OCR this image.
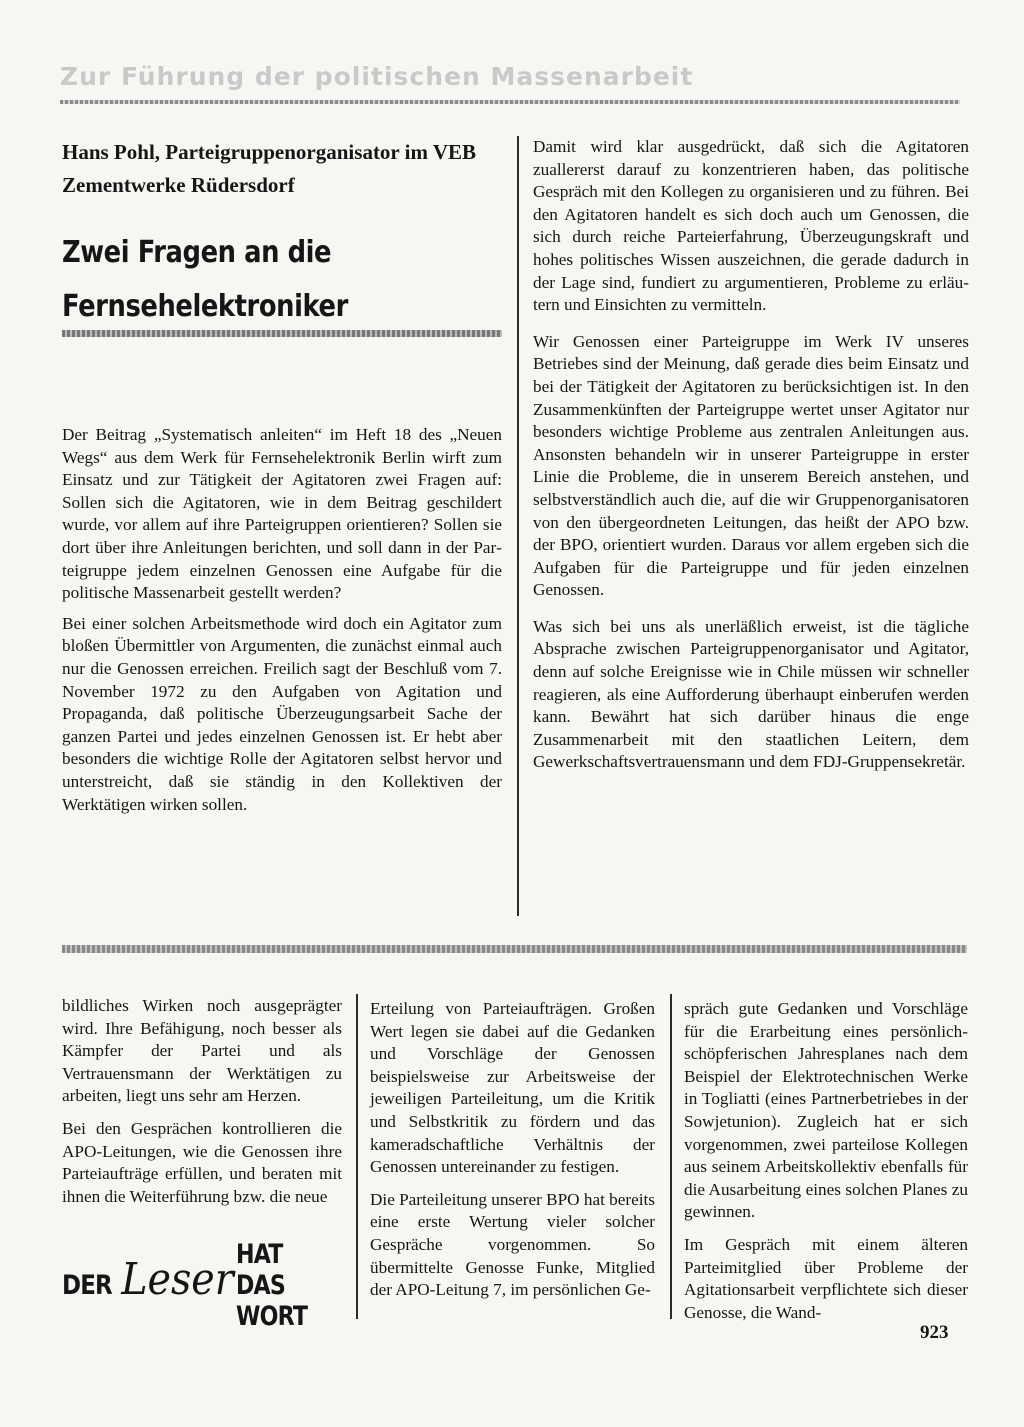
Zur Führung der politischen Massenarbeit
Hans Pohl, Parteigruppenorganisator im VEB Zementwerke Rüdersdorf
Zwei Fragen an die
Fernsehelektroniker

Der Beitrag „Systematisch anleiten“ im Heft 18 des „Neuen Wegs“ aus dem Werk für Fernsehelektronik Berlin wirft zum Einsatz und zur Tätigkeit der Agitatoren zwei Fragen auf: Sollen sich die Agitatoren, wie in dem Beitrag geschildert wurde, vor allem auf ihre Parteigruppen orientieren? Sollen sie dort über ihre Anleitungen berichten, und soll dann in der Parteigruppe jedem einzelnen Genossen eine Aufgabe für die politische Massenarbeit gestellt werden?

Bei einer solchen Arbeitsmethode wird doch ein Agitator zum bloßen Übermittler von Argumenten, die zunächst einmal auch nur die Genossen erreichen. Freilich sagt der Beschluß vom 7. November 1972 zu den Aufgaben von Agitation und Propaganda, daß politische Überzeugungsarbeit Sache der ganzen Partei und jedes einzelnen Genossen ist. Er hebt aber besonders die wichtige Rolle der Agitatoren selbst hervor und unterstreicht, daß sie ständig in den Kollektiven der Werktätigen wirken sollen.

Damit wird klar ausgedrückt, daß sich die Agitatoren zuallererst darauf zu konzentrieren haben, das politische Gespräch mit den Kollegen zu organisieren und zu führen. Bei den Agitatoren handelt es sich doch auch um Genossen, die sich durch reiche Parteierfahrung, Überzeugungskraft und hohes politisches Wissen auszeichnen, die gerade dadurch in der Lage sind, fundiert zu argumentieren, Probleme zu erläutern und Einsichten zu vermitteln.

Wir Genossen einer Parteigruppe im Werk IV unseres Betriebes sind der Meinung, daß gerade dies beim Einsatz und bei der Tätigkeit der Agitatoren zu berücksichtigen ist. In den Zusammenkünften der Parteigruppe wertet unser Agitator nur besonders wichtige Probleme aus zentralen Anleitungen aus. Ansonsten behandeln wir in unserer Parteigruppe in erster Linie die Probleme, die in unserem Bereich anstehen, und selbstverständlich auch die, auf die wir Gruppenorganisatoren von den übergeordneten Leitungen, das heißt der APO bzw. der BPO, orientiert wurden. Daraus vor allem ergeben sich die Aufgaben für die Parteigruppe und für jeden einzelnen Genossen.

Was sich bei uns als unerläßlich erweist, ist die tägliche Absprache zwischen Parteigruppenorganisator und Agitator, denn auf solche Ereignisse wie in Chile müssen wir schneller reagieren, als eine Aufforderung überhaupt einberufen werden kann. Bewährt hat sich darüber hinaus die enge Zusammenarbeit mit den staatlichen Leitern, dem Gewerkschaftsvertrauensmann und dem FDJ-Gruppensekretär.

bildliches Wirken noch ausgeprägter wird. Ihre Befähigung, noch besser als Kämpfer der Partei und als Vertrauensmann der Werktätigen zu arbeiten, liegt uns sehr am Herzen.

Bei den Gesprächen kontrollieren die APO-Leitungen, wie die Genossen ihre Parteiaufträge erfüllen, und beraten mit ihnen die Weiterführung bzw. die neue

Erteilung von Parteiaufträgen. Großen Wert legen sie dabei auf die Gedanken und Vorschläge der Genossen beispielsweise zur Arbeitsweise der jeweiligen Parteileitung, um die Kritik und Selbstkritik zu fördern und das kameradschaftliche Verhältnis der Genossen untereinander zu festigen.

Die Parteileitung unserer BPO hat bereits eine erste Wertung vieler solcher Gespräche vorgenommen. So übermittelte Genosse Funke, Mitglied der APO-Leitung 7, im persönlichen Ge-

spräch gute Gedanken und Vorschläge für die Erarbeitung eines persönlich-schöpferischen Jahresplanes nach dem Beispiel der Elektrotechnischen Werke in Togliatti (eines Partnerbetriebes in der Sowjetunion). Zugleich hat er sich vorgenommen, zwei parteilose Kollegen aus seinem Arbeitskollektiv ebenfalls für die Ausarbeitung eines solchen Planes zu gewinnen.

Im Gespräch mit einem älteren Parteimitglied über Probleme der Agitationsarbeit verpflichtete sich dieser Genosse, die Wand-

DER Leser HAT DAS WORT
923
